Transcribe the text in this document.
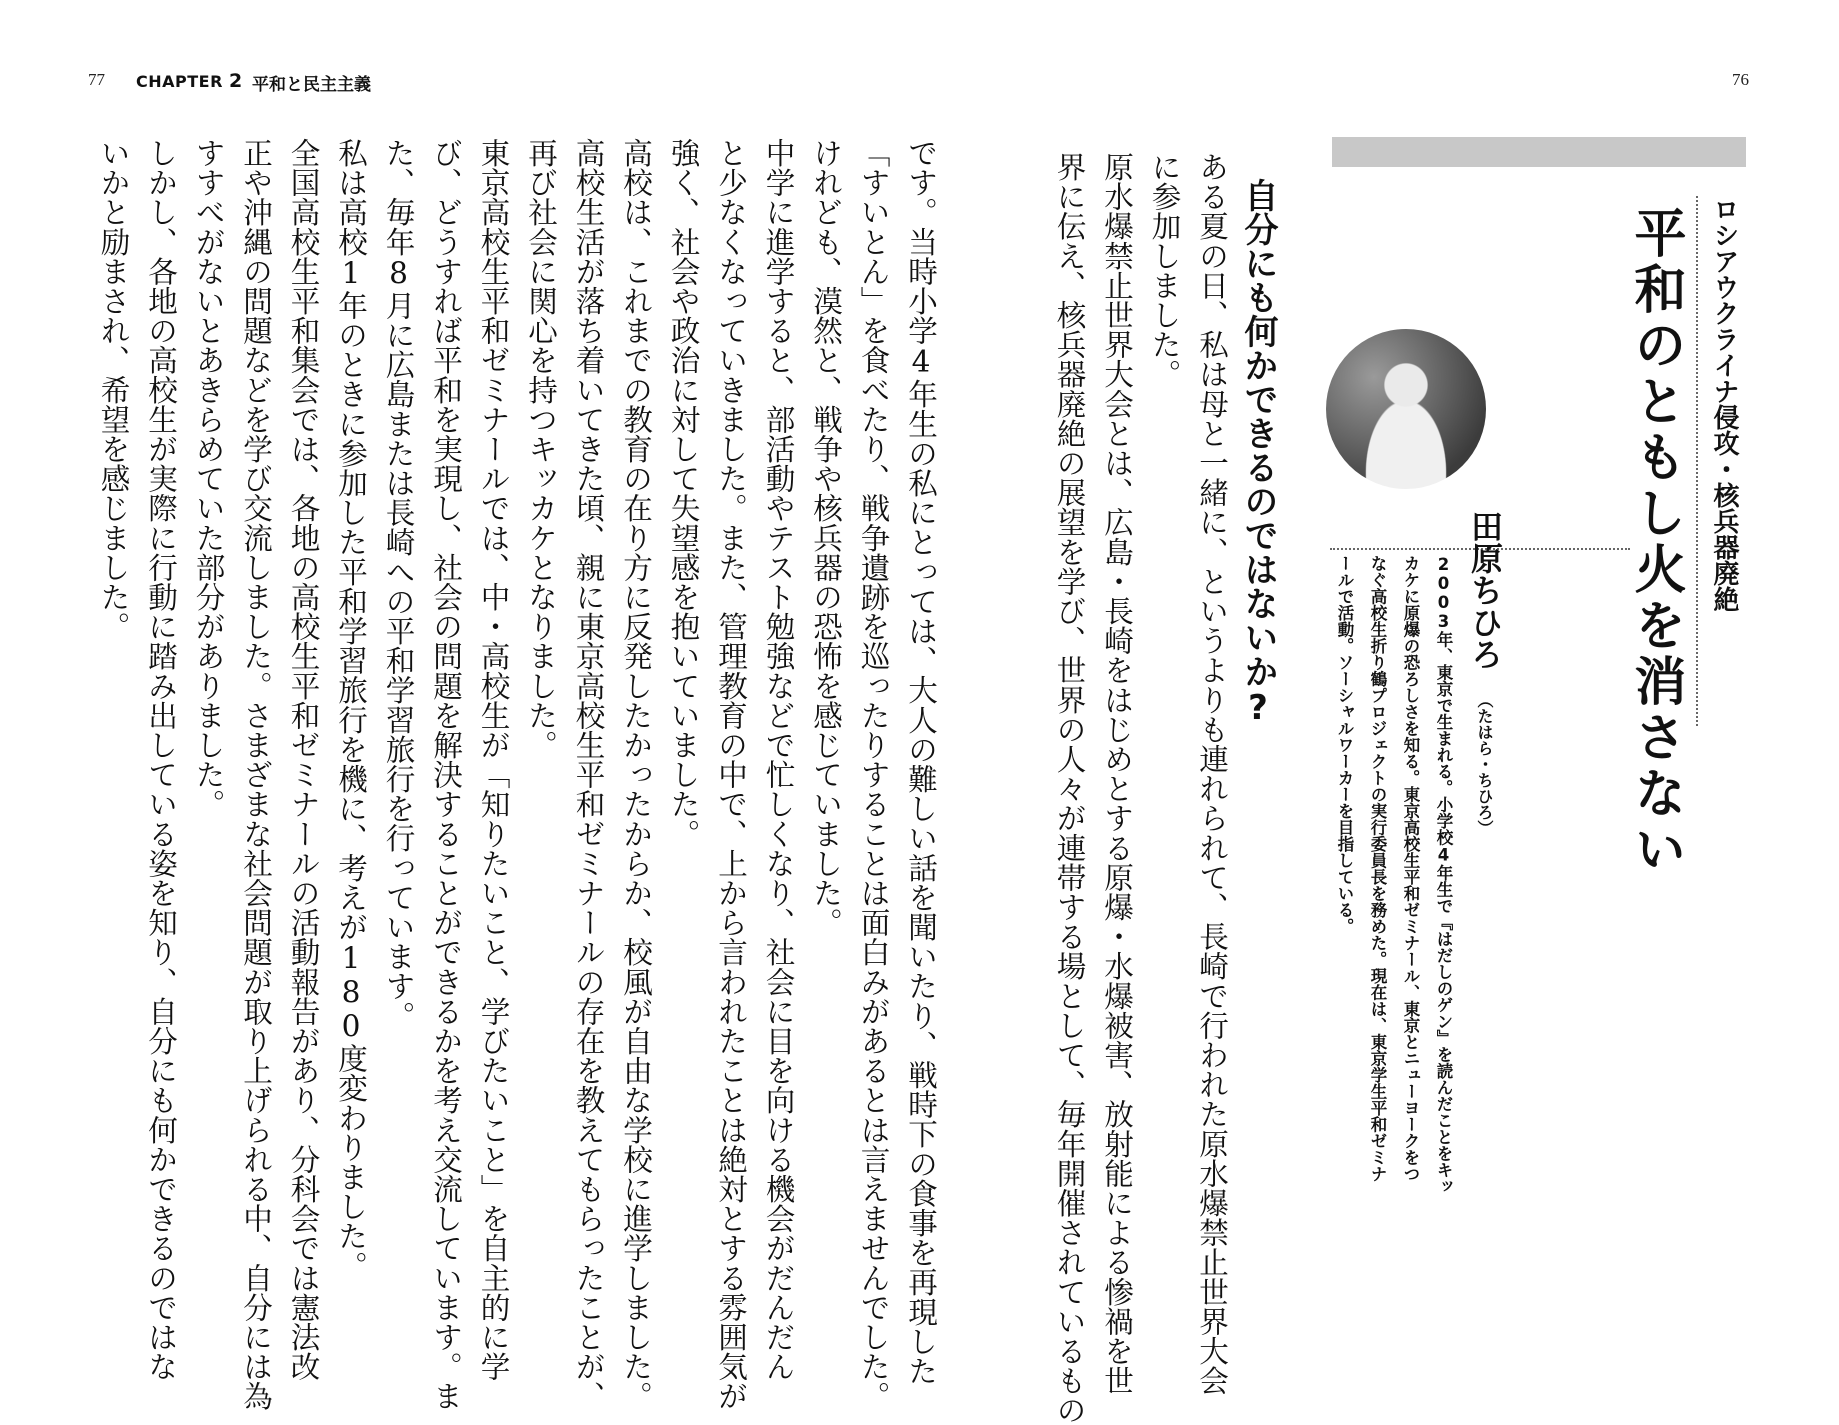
77 CHAPTER 2 平和と民主主義	76
ロシアウクライナ侵攻・核兵器廃絶
平和のともし火を消さない
田原ちひろ
（たはら・ちひろ）
2003年、東京で生まれる。小学校4年生で『はだしのゲン』を読んだことをキッ
カケに原爆の恐ろしさを知る。東京高校生平和ゼミナール、東京とニューヨークをつ
なぐ高校生折り鶴プロジェクトの実行委員長を務めた。現在は、東京学生平和ゼミナ
ールで活動。ソーシャルワーカーを目指している。
自分にも何かできるのではないか?
ある夏の日、私は母と一緒に、というよりも連れられて、長崎で行われた原水爆禁止世界大会
に参加しました。
原水爆禁止世界大会とは、広島・長崎をはじめとする原爆・水爆被害、放射能による惨禍を世
界に伝え、核兵器廃絶の展望を学び、世界の人々が連帯する場として、毎年開催されているもの
です。当時小学4年生の私にとっては、大人の難しい話を聞いたり、戦時下の食事を再現した
「すいとん」を食べたり、戦争遺跡を巡ったりすることは面白みがあるとは言えませんでした。
けれども、漠然と、戦争や核兵器の恐怖を感じていました。
中学に進学すると、部活動やテスト勉強などで忙しくなり、社会に目を向ける機会がだんだん
と少なくなっていきました。また、管理教育の中で、上から言われたことは絶対とする雰囲気が
強く、社会や政治に対して失望感を抱いていました。
高校は、これまでの教育の在り方に反発したかったからか、校風が自由な学校に進学しました。
高校生活が落ち着いてきた頃、親に東京高校生平和ゼミナールの存在を教えてもらったことが、
再び社会に関心を持つキッカケとなりました。
東京高校生平和ゼミナールでは、中・高校生が「知りたいこと、学びたいこと」を自主的に学
び、どうすれば平和を実現し、社会の問題を解決することができるかを考え交流しています。ま
た、毎年8月に広島または長崎への平和学習旅行を行っています。
私は高校1年のときに参加した平和学習旅行を機に、考えが180度変わりました。
全国高校生平和集会では、各地の高校生平和ゼミナールの活動報告があり、分科会では憲法改
正や沖縄の問題などを学び交流しました。さまざまな社会問題が取り上げられる中、自分には為
すすべがないとあきらめていた部分がありました。
しかし、各地の高校生が実際に行動に踏み出している姿を知り、自分にも何かできるのではな
いかと励まされ、希望を感じました。
